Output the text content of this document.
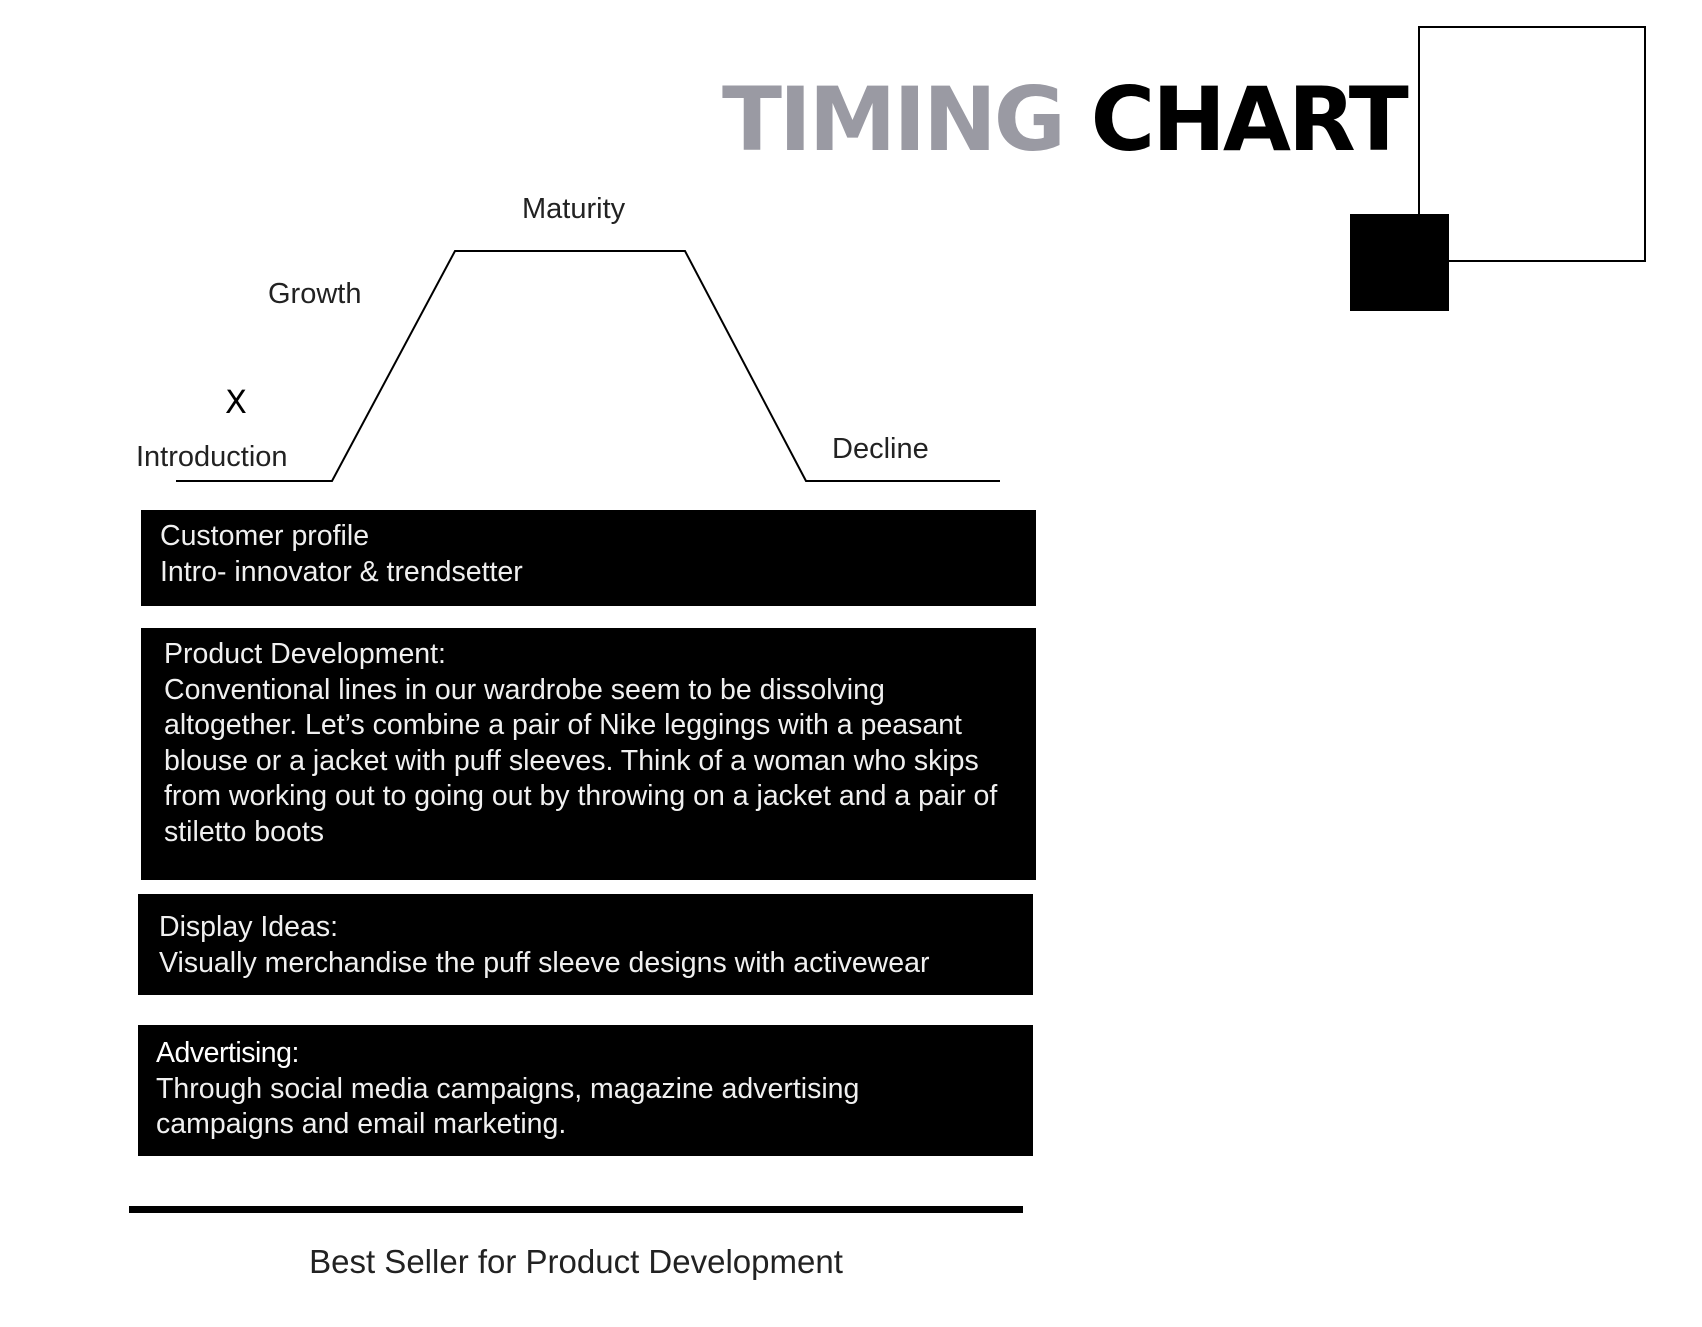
TIMING CHART
Introduction
Growth
Maturity
Decline
X
Customer profile
Intro- innovator & trendsetter
Product Development:
Conventional lines in our wardrobe seem to be dissolving altogether. Let’s combine a pair of Nike leggings with a peasant blouse or a jacket with puff sleeves. Think of a woman who skips from working out to going out by throwing on a jacket and a pair of stiletto boots
Display Ideas:
Visually merchandise the puff sleeve designs with activewear
Advertising:
Through social media campaigns, magazine advertising campaigns and email marketing.
Best Seller for Product Development
